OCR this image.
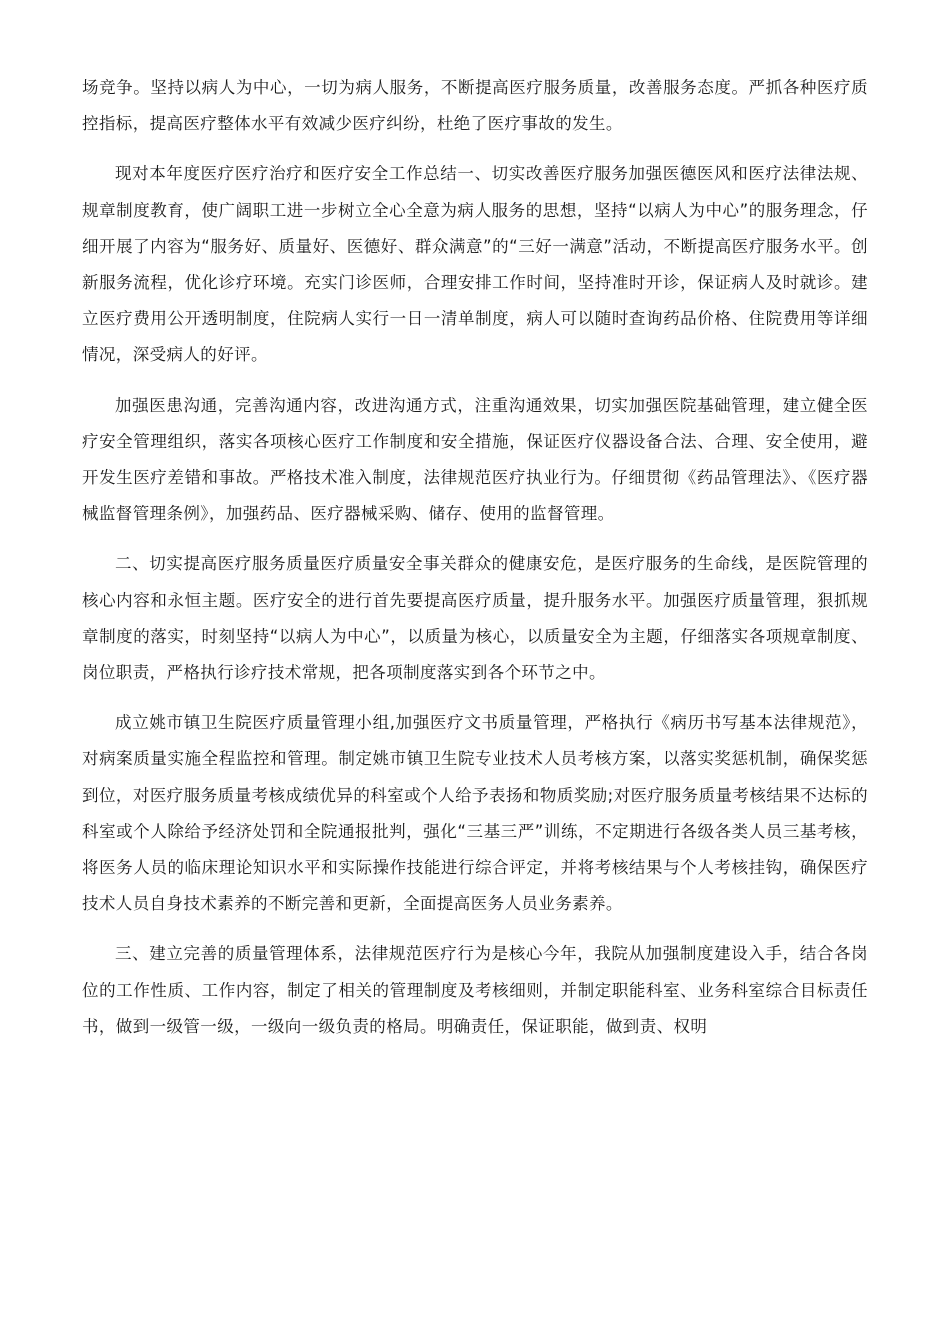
场竞争。坚持以病人为中心，一切为病人服务，不断提高医疗服务质量，改善服务态度。严抓各种医疗质控指标，提高医疗整体水平有效减少医疗纠纷，杜绝了医疗事故的发生。

现对本年度医疗医疗治疗和医疗安全工作总结一、切实改善医疗服务加强医德医风和医疗法律法规、规章制度教育，使广阔职工进一步树立全心全意为病人服务的思想，坚持“以病人为中心”的服务理念，仔细开展了内容为“服务好、质量好、医德好、群众满意”的“三好一满意”活动，不断提高医疗服务水平。创新服务流程，优化诊疗环境。充实门诊医师，合理安排工作时间，坚持准时开诊，保证病人及时就诊。建立医疗费用公开透明制度，住院病人实行一日一清单制度，病人可以随时查询药品价格、住院费用等详细情况，深受病人的好评。

加强医患沟通，完善沟通内容，改进沟通方式，注重沟通效果，切实加强医院基础管理，建立健全医疗安全管理组织，落实各项核心医疗工作制度和安全措施，保证医疗仪器设备合法、合理、安全使用，避开发生医疗差错和事故。严格技术准入制度，法律规范医疗执业行为。仔细贯彻《药品管理法》、《医疗器械监督管理条例》，加强药品、医疗器械采购、储存、使用的监督管理。

二、切实提高医疗服务质量医疗质量安全事关群众的健康安危，是医疗服务的生命线，是医院管理的核心内容和永恒主题。医疗安全的进行首先要提高医疗质量，提升服务水平。加强医疗质量管理，狠抓规章制度的落实，时刻坚持“以病人为中心”，以质量为核心，以质量安全为主题，仔细落实各项规章制度、岗位职责，严格执行诊疗技术常规，把各项制度落实到各个环节之中。

成立姚市镇卫生院医疗质量管理小组,加强医疗文书质量管理，严格执行《病历书写基本法律规范》，对病案质量实施全程监控和管理。制定姚市镇卫生院专业技术人员考核方案，以落实奖惩机制，确保奖惩到位，对医疗服务质量考核成绩优异的科室或个人给予表扬和物质奖励;对医疗服务质量考核结果不达标的科室或个人除给予经济处罚和全院通报批判，强化“三基三严”训练，不定期进行各级各类人员三基考核，将医务人员的临床理论知识水平和实际操作技能进行综合评定，并将考核结果与个人考核挂钩，确保医疗技术人员自身技术素养的不断完善和更新，全面提高医务人员业务素养。

三、建立完善的质量管理体系，法律规范医疗行为是核心今年，我院从加强制度建设入手，结合各岗位的工作性质、工作内容，制定了相关的管理制度及考核细则，并制定职能科室、业务科室综合目标责任书，做到一级管一级，一级向一级负责的格局。明确责任，保证职能，做到责、权明
